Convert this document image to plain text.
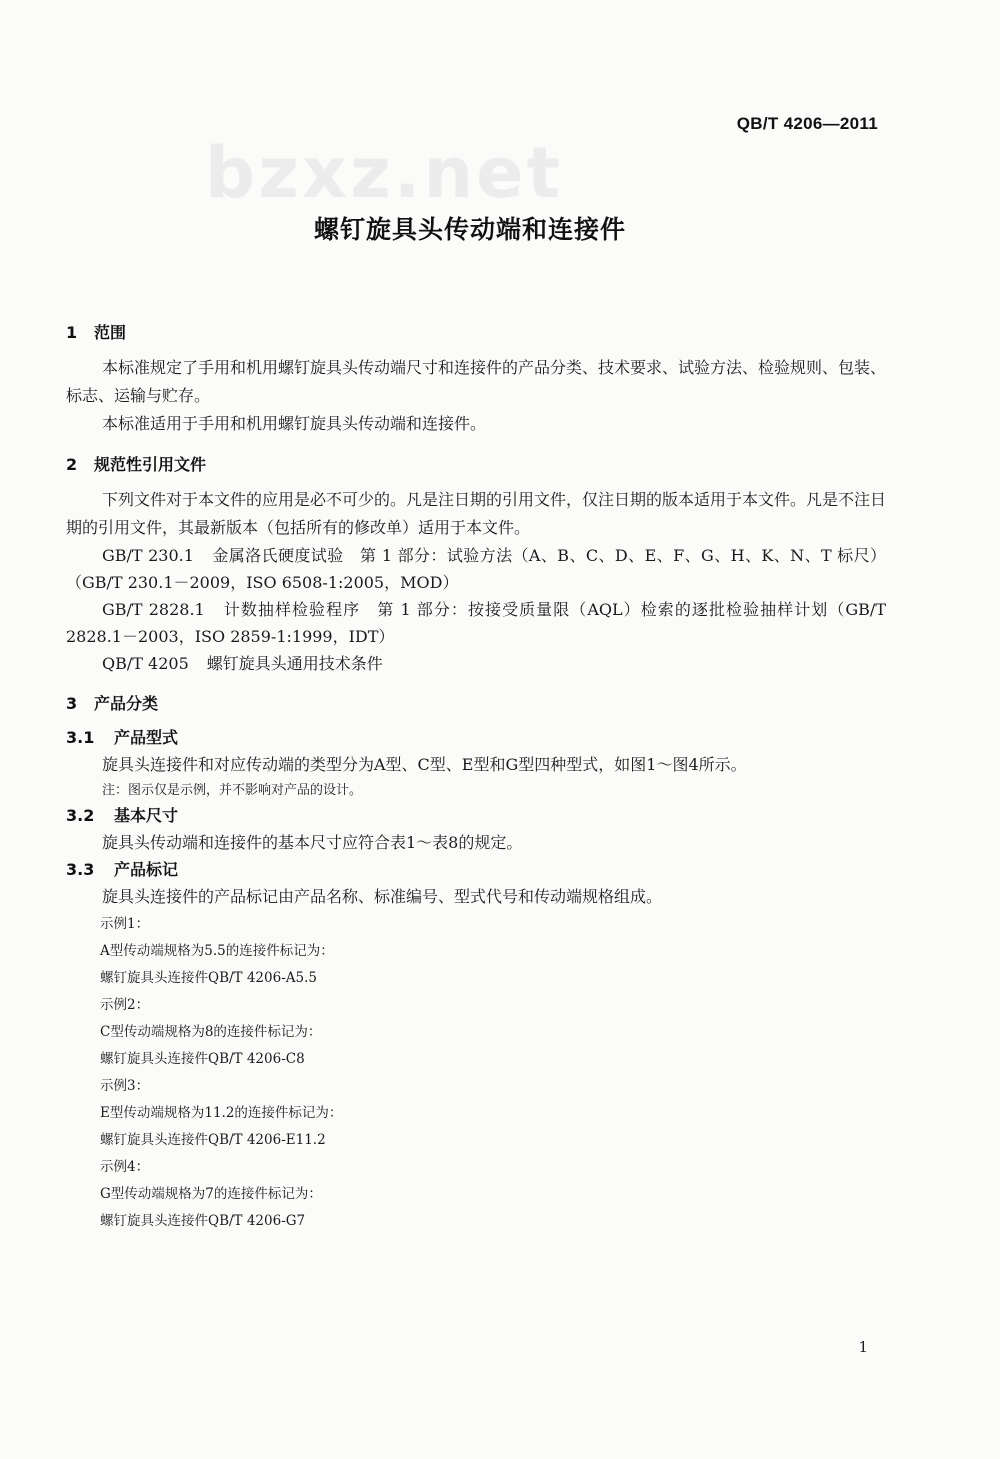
QB/T 4206—2011
bzxz.net
螺钉旋具头传动端和连接件

1 范围

本标准规定了手用和机用螺钉旋具头传动端尺寸和连接件的产品分类、技术要求、试验方法、检验规则、包装、标志、运输与贮存。

本标准适用于手用和机用螺钉旋具头传动端和连接件。

2 规范性引用文件

下列文件对于本文件的应用是必不可少的。凡是注日期的引用文件，仅注日期的版本适用于本文件。凡是不注日期的引用文件，其最新版本（包括所有的修改单）适用于本文件。

GB/T 230.1 金属洛氏硬度试验　第 1 部分：试验方法（A、B、C、D、E、F、G、H、K、N、T 标尺）（GB/T 230.1－2009，ISO 6508-1:2005，MOD）

GB/T 2828.1 计数抽样检验程序　第 1 部分：按接受质量限（AQL）检索的逐批检验抽样计划（GB/T 2828.1－2003，ISO 2859-1:1999，IDT）

QB/T 4205 螺钉旋具头通用技术条件

3 产品分类

3.1 产品型式

旋具头连接件和对应传动端的类型分为A型、C型、E型和G型四种型式，如图1～图4所示。

注：图示仅是示例，并不影响对产品的设计。

3.2 基本尺寸

旋具头传动端和连接件的基本尺寸应符合表1～表8的规定。

3.3 产品标记

旋具头连接件的产品标记由产品名称、标准编号、型式代号和传动端规格组成。

示例1：

A型传动端规格为5.5的连接件标记为：

螺钉旋具头连接件QB/T 4206-A5.5

示例2：

C型传动端规格为8的连接件标记为：

螺钉旋具头连接件QB/T 4206-C8

示例3：

E型传动端规格为11.2的连接件标记为：

螺钉旋具头连接件QB/T 4206-E11.2

示例4：

G型传动端规格为7的连接件标记为：

螺钉旋具头连接件QB/T 4206-G7

1
